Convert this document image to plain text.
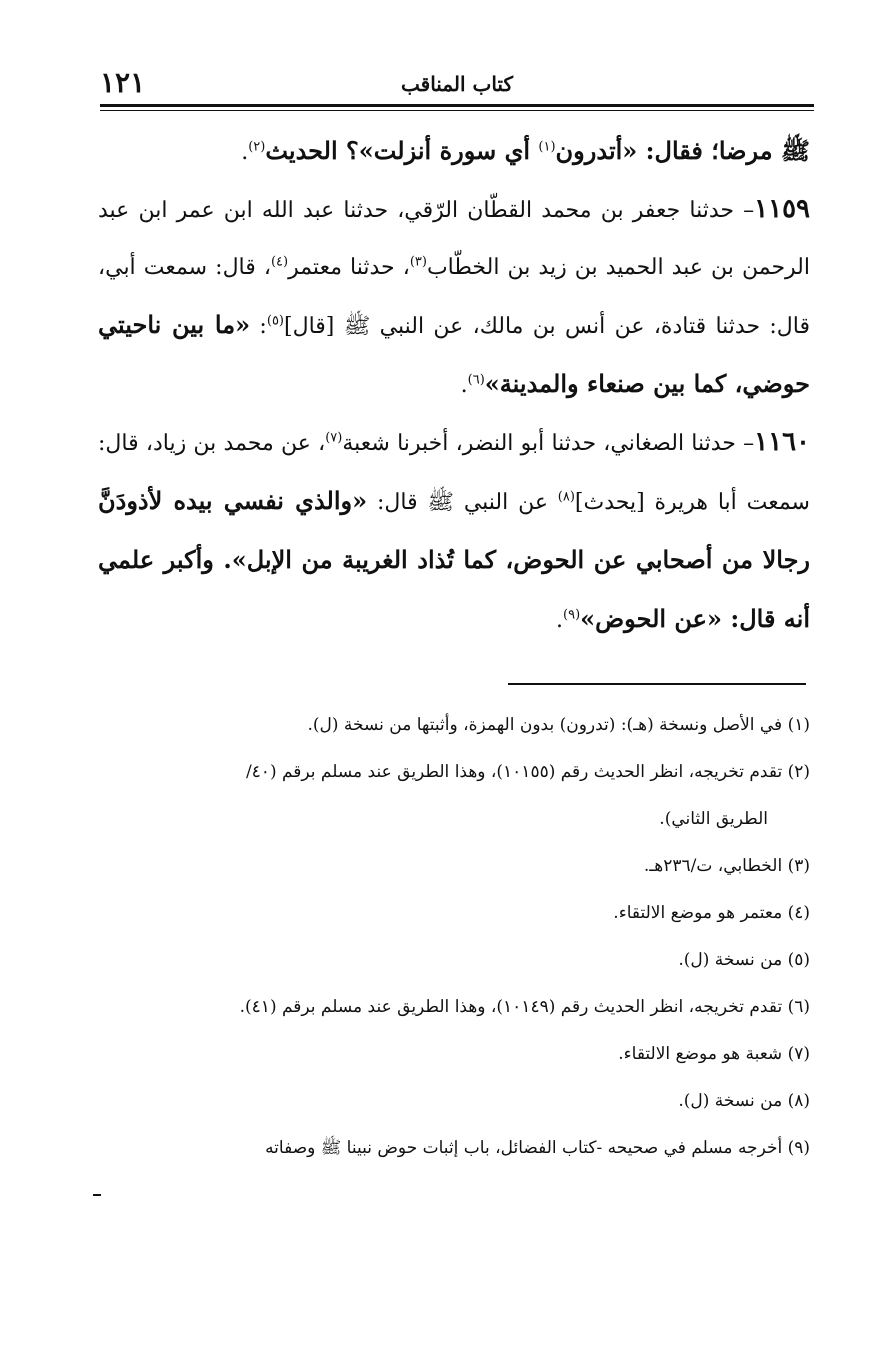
١٢١	كتاب المناقب

ﷺ مرضا؛ فقال: «أتدرون$^{(١)}$ أي سورة أنزلت»؟ الحديث$^{(٢)}$.

١١٥٩– حدثنا جعفر بن محمد القطّان الرّقي، حدثنا عبد الله ابن عمر ابن عبد الرحمن بن عبد الحميد بن زيد بن الخطّاب$^{(٣)}$، حدثنا معتمر$^{(٤)}$، قال: سمعت أبي، قال: حدثنا قتادة، عن أنس بن مالك، عن النبي ﷺ [قال]$^{(٥)}$: «ما بين ناحيتي حوضي، كما بين صنعاء والمدينة»$^{(٦)}$.

١١٦٠– حدثنا الصغاني، حدثنا أبو النضر، أخبرنا شعبة$^{(٧)}$، عن محمد بن زياد، قال: سمعت أبا هريرة [يحدث]$^{(٨)}$ عن النبي ﷺ قال: «والذي نفسي بيده لأذودَنَّ رجالا من أصحابي عن الحوض، كما تُذاد الغريبة من الإبل». وأكبر علمي أنه قال: «عن الحوض»$^{(٩)}$.

(١) في الأصل ونسخة (هـ): (تدرون) بدون الهمزة، وأثبتها من نسخة (ل).

(٢) تقدم تخريجه، انظر الحديث رقم (١٠١٥٥)، وهذا الطريق عند مسلم برقم (٤٠/

الطريق الثاني).

(٣) الخطابي، ت/٢٣٦هـ.

(٤) معتمر هو موضع الالتقاء.

(٥) من نسخة (ل).

(٦) تقدم تخريجه، انظر الحديث رقم (١٠١٤٩)، وهذا الطريق عند مسلم برقم (٤١).

(٧) شعبة هو موضع الالتقاء.

(٨) من نسخة (ل).

(٩) أخرجه مسلم في صحيحه -كتاب الفضائل، باب إثبات حوض نبينا ﷺ وصفاته
